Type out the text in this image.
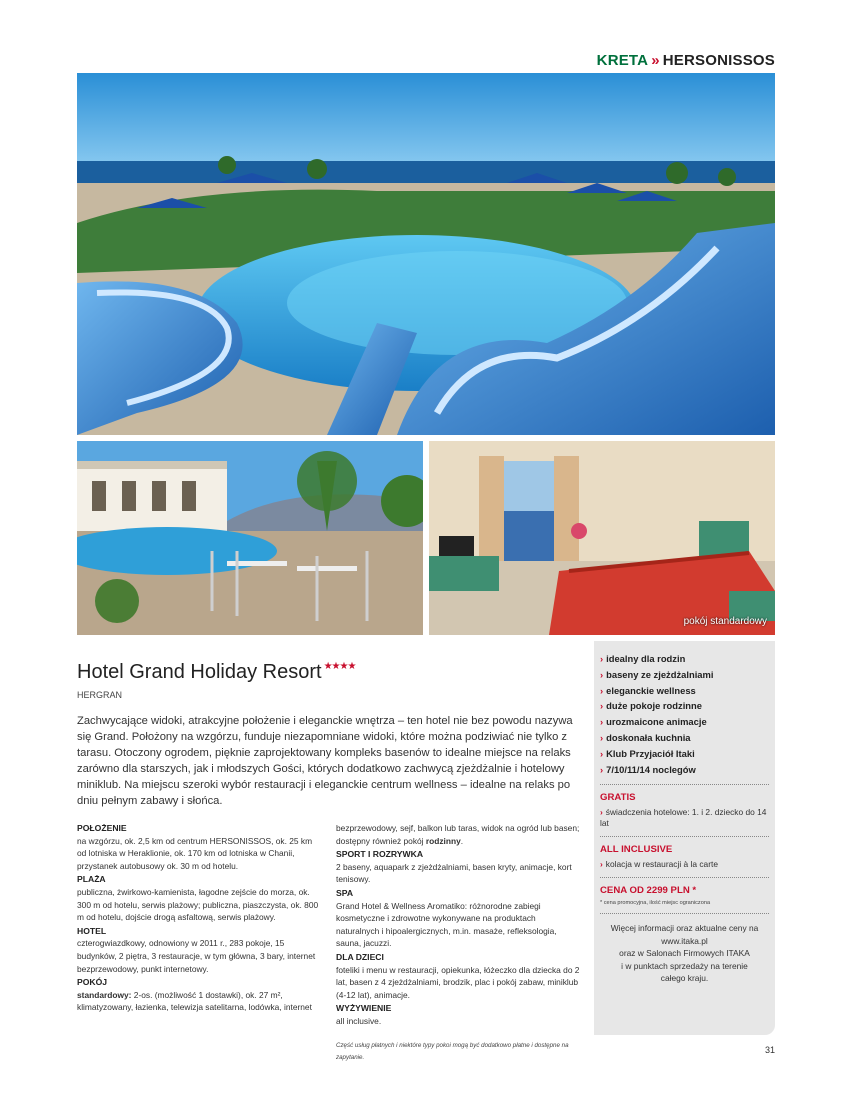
KRETA » HERSONISSOS
pokój standardowy
Hotel Grand Holiday Resort ★★★★
HERGRAN

Zachwycające widoki, atrakcyjne położenie i eleganckie wnętrza – ten hotel nie bez powodu nazywa się Grand. Położony na wzgórzu, funduje niezapomniane widoki, które można podziwiać nie tylko z tarasu. Otoczony ogrodem, pięknie zaprojektowany kompleks basenów to idealne miejsce na relaks zarówno dla starszych, jak i młodszych Gości, których dodatkowo zachwycą zjeżdżalnie i hotelowy miniklub. Na miejscu szeroki wybór restauracji i eleganckie centrum wellness – idealne na relaks po dniu pełnym zabawy i słońca.

POŁOŻENIE

na wzgórzu, ok. 2,5 km od centrum HERSONISSOS, ok. 25 km od lotniska w Heraklionie, ok. 170 km od lotniska w Chanii, przystanek autobusowy ok. 30 m od hotelu.

PLAŻA

publiczna, żwirkowo-kamienista, łagodne zejście do morza, ok. 300 m od hotelu, serwis plażowy; publiczna, piaszczysta, ok. 800 m od hotelu, dojście drogą asfaltową, serwis plażowy.

HOTEL

czterogwiazdkowy, odnowiony w 2011 r., 283 pokoje, 15 budynków, 2 piętra, 3 restauracje, w tym główna, 3 bary, internet bezprzewodowy, punkt internetowy.

POKÓJ

standardowy: 2-os. (możliwość 1 dostawki), ok. 27 m², klimatyzowany, łazienka, telewizja satelitarna, lodówka, internet

bezprzewodowy, sejf, balkon lub taras, widok na ogród lub basen; dostępny również pokój rodzinny.

SPORT I ROZRYWKA

2 baseny, aquapark z zjeżdżalniami, basen kryty, animacje, kort tenisowy.

SPA

Grand Hotel & Wellness Aromatiko: różnorodne zabiegi kosmetyczne i zdrowotne wykonywane na produktach naturalnych i hipoalergicznych, m.in. masaże, refleksologia, sauna, jacuzzi.

DLA DZIECI

foteliki i menu w restauracji, opiekunka, łóżeczko dla dziecka do 2 lat, basen z 4 zjeżdżalniami, brodzik, plac i pokój zabaw, miniklub (4-12 lat), animacje.

WYŻYWIENIE

all inclusive.

Część usług płatnych i niektóre typy pokoi mogą być dodatkowo płatne i dostępne na zapytanie.

› idealny dla rodzin
› baseny ze zjeżdżalniami
› eleganckie wellness
› duże pokoje rodzinne
› urozmaicone animacje
› doskonała kuchnia
› Klub Przyjaciół Itaki
› 7/10/11/14 noclegów
GRATIS
› świadczenia hotelowe: 1. i 2. dziecko do 14 lat
ALL INCLUSIVE
› kolacja w restauracji à la carte
CENA OD 2299 PLN *
* cena promocyjna, ilość miejsc ograniczona
Więcej informacji oraz aktualne ceny na
www.itaka.pl
oraz w Salonach Firmowych ITAKA
i w punktach sprzedaży na terenie
całego kraju.
31
